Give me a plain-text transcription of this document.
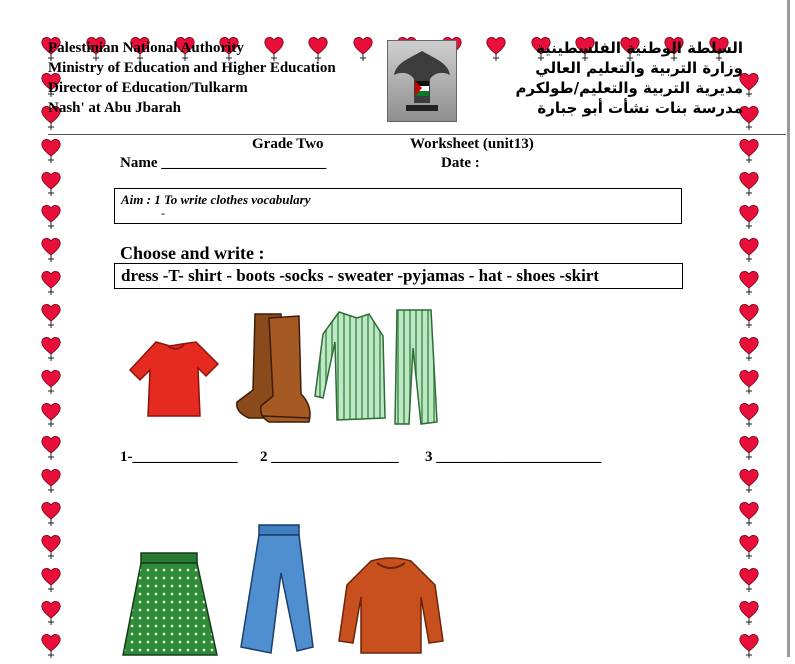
Palestinian National Authority
Ministry of Education and Higher Education
Director of Education/Tulkarm
Nash' at Abu Jbarah
السلطة الوطنية الفلسطينية
وزارة التربية والتعليم العالي
مديرية التربية والتعليم/طولكرم
مدرسة بنات نشأت أبو جبارة
Grade Two	Worksheet (unit13)
Name ______________________	Date :
Aim : 1 To write clothes vocabulary
-
Choose and write :
dress -T- shirt - boots -socks - sweater -pyjamas - hat - shoes -skirt
1-______________ 2 _________________ 3 ______________________
